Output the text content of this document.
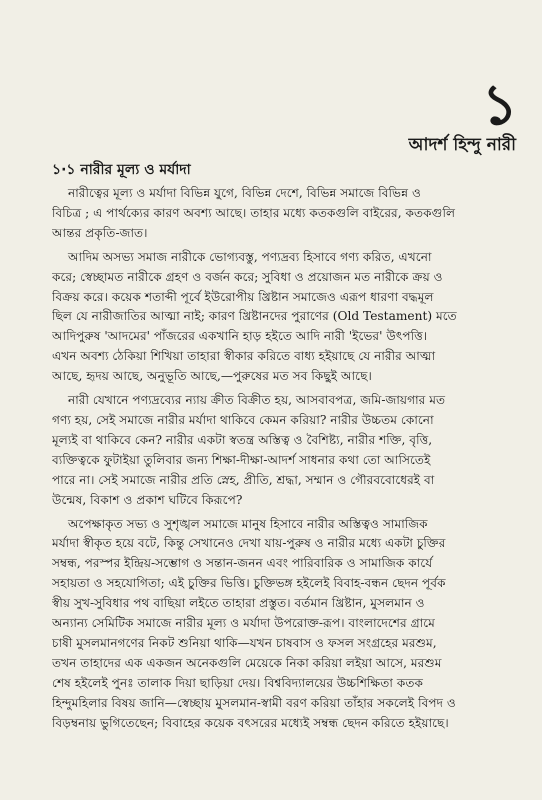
১
আদর্শ হিন্দু নারী
১·১ নারীর মূল্য ও মর্যাদা
নারীত্বের মূল্য ও মর্যাদা বিভিন্ন যুগে, বিভিন্ন দেশে, বিভিন্ন সমাজে বিভিন্ন ও
বিচিত্র ; এ পার্থক্যের কারণ অবশ্য আছে। তাহার মধ্যে কতকগুলি বাইরের, কতকগুলি
আন্তর প্রকৃতি-জাত।
আদিম অসভ্য সমাজ নারীকে ভোগ্যবস্তু, পণ্যদ্রব্য হিসাবে গণ্য করিত, এখনো
করে; স্বেচ্ছামত নারীকে গ্রহণ ও বর্জন করে; সুবিধা ও প্রয়োজন মত নারীকে ক্রয় ও
বিক্রয় করে। কয়েক শতাব্দী পূর্বে ইউরোপীয় খ্রিষ্টান সমাজেও এরূপ ধারণা বদ্ধমূল
ছিল যে নারীজাতির আত্মা নাই; কারণ খ্রিষ্টানদের পুরাণের (Old Testament) মতে
আদিপুরুষ 'আদমের' পাঁজরের একখানি হাড় হইতে আদি নারী 'ইভের' উৎপত্তি।
এখন অবশ্য ঠেকিয়া শিখিয়া তাহারা স্বীকার করিতে বাধ্য হইয়াছে যে নারীর আত্মা
আছে, হৃদয় আছে, অনুভূতি আছে,—পুরুষের মত সব কিছুই আছে।
নারী যেখানে পণ্যদ্রব্যের ন্যায় ক্রীত বিক্রীত হয়, আসবাবপত্র, জমি-জায়গার মত
গণ্য হয়, সেই সমাজে নারীর মর্যাদা থাকিবে কেমন করিয়া? নারীর উচ্চতম কোনো
মূল্যই বা থাকিবে কেন? নারীর একটা স্বতন্ত্র অস্তিত্ব ও বৈশিষ্ট্য, নারীর শক্তি, বৃত্তি,
ব্যক্তিত্বকে ফুটাইয়া তুলিবার জন্য শিক্ষা-দীক্ষা-আদর্শ সাধনার কথা তো আসিতেই
পারে না। সেই সমাজে নারীর প্রতি স্নেহ, প্রীতি, শ্রদ্ধা, সম্মান ও গৌরববোধেরই বা
উন্মেষ, বিকাশ ও প্রকাশ ঘটিবে কিরূপে?
অপেক্ষাকৃত সভ্য ও সুশৃঙ্খল সমাজে মানুষ হিসাবে নারীর অস্তিত্বও সামাজিক
মর্যাদা স্বীকৃত হয়ে বটে, কিন্তু সেখানেও দেখা যায়-পুরুষ ও নারীর মধ্যে একটা চুক্তির
সম্বন্ধ, পরস্পর ইন্দ্রিয়-সম্ভোগ ও সন্তান-জনন এবং পারিবারিক ও সামাজিক কার্যে
সহায়তা ও সহযোগিতা; এই চুক্তির ভিত্তি। চুক্তিভঙ্গ হইলেই বিবাহ-বন্ধন ছেদন পূর্বক
স্বীয় সুখ-সুবিধার পথ বাছিয়া লইতে তাহারা প্রস্তুত। বর্তমান খ্রিষ্টান, মুসলমান ও
অন্যান্য সেমিটিক সমাজে নারীর মূল্য ও মর্যাদা উপরোক্ত-রূপ। বাংলাদেশের গ্রামে
চাষী মুসলমানগণের নিকট শুনিয়া থাকি—যখন চাষবাস ও ফসল সংগ্রহের মরশুম,
তখন তাহাদের এক একজন অনেকগুলি মেয়েকে নিকা করিয়া লইয়া আসে, মরশুম
শেষ হইলেই পুনঃ তালাক দিয়া ছাড়িয়া দেয়। বিশ্ববিদ্যালয়ের উচ্চশিক্ষিতা কতক
হিন্দুমহিলার বিষয় জানি—স্বেচ্ছায় মুসলমান-স্বামী বরণ করিয়া তাঁহার সকলেই বিপদ ও
বিড়ম্বনায় ভুগিতেছেন; বিবাহের কয়েক বৎসরের মধ্যেই সম্বন্ধ ছেদন করিতে হইয়াছে।
